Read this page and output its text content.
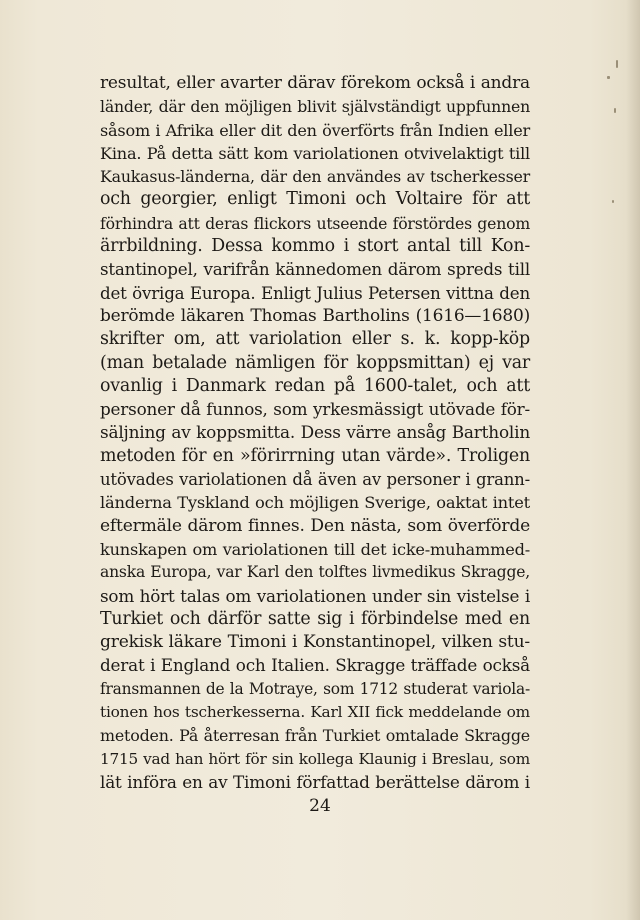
resultat, eller avarter därav förekom också i andra
länder, där den möjligen blivit självständigt uppfunnen
såsom i Afrika eller dit den överförts från Indien eller
Kina. På detta sätt kom variolationen otvivelaktigt till
Kaukasus-länderna, där den användes av tscherkesser
och georgier, enligt Timoni och Voltaire för att
förhindra att deras flickors utseende förstördes genom
ärrbildning. Dessa kommo i stort antal till Kon-
stantinopel, varifrån kännedomen därom spreds till
det övriga Europa. Enligt Julius Petersen vittna den
berömde läkaren Thomas Bartholins (1616—1680)
skrifter om, att variolation eller s. k. kopp-köp
(man betalade nämligen för koppsmittan) ej var
ovanlig i Danmark redan på 1600-talet, och att
personer då funnos, som yrkesmässigt utövade för-
säljning av koppsmitta. Dess värre ansåg Bartholin
metoden för en »förirrning utan värde». Troligen
utövades variolationen då även av personer i grann-
länderna Tyskland och möjligen Sverige, oaktat intet
eftermäle därom finnes. Den nästa, som överförde
kunskapen om variolationen till det icke-muhammed-
anska Europa, var Karl den tolftes livmedikus Skragge,
som hört talas om variolationen under sin vistelse i
Turkiet och därför satte sig i förbindelse med en
grekisk läkare Timoni i Konstantinopel, vilken stu-
derat i England och Italien. Skragge träffade också
fransmannen de la Motraye, som 1712 studerat variola-
tionen hos tscherkesserna. Karl XII fick meddelande om
metoden. På återresan från Turkiet omtalade Skragge
1715 vad han hört för sin kollega Klaunig i Breslau, som
lät införa en av Timoni författad berättelse därom i
24
